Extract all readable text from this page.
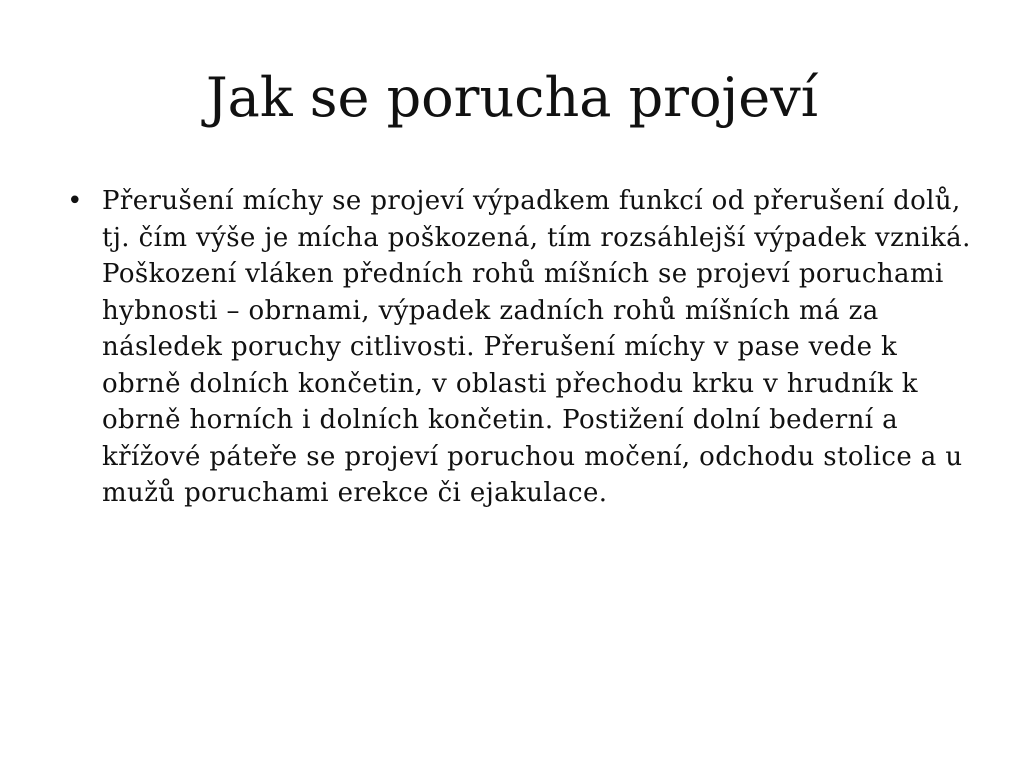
Jak se porucha projeví
• Přerušení míchy se projeví výpadkem funkcí od přerušení dolů, tj. čím výše je mícha poškozená, tím rozsáhlejší výpadek vzniká. Poškození vláken předních rohů míšních se projeví poruchami hybnosti – obrnami, výpadek zadních rohů míšních má za následek poruchy citlivosti. Přerušení míchy v pase vede k obrně dolních končetin, v oblasti přechodu krku v hrudník k obrně horních i dolních končetin. Postižení dolní bederní a křížové páteře se projeví poruchou močení, odchodu stolice a u mužů poruchami erekce či ejakulace.
